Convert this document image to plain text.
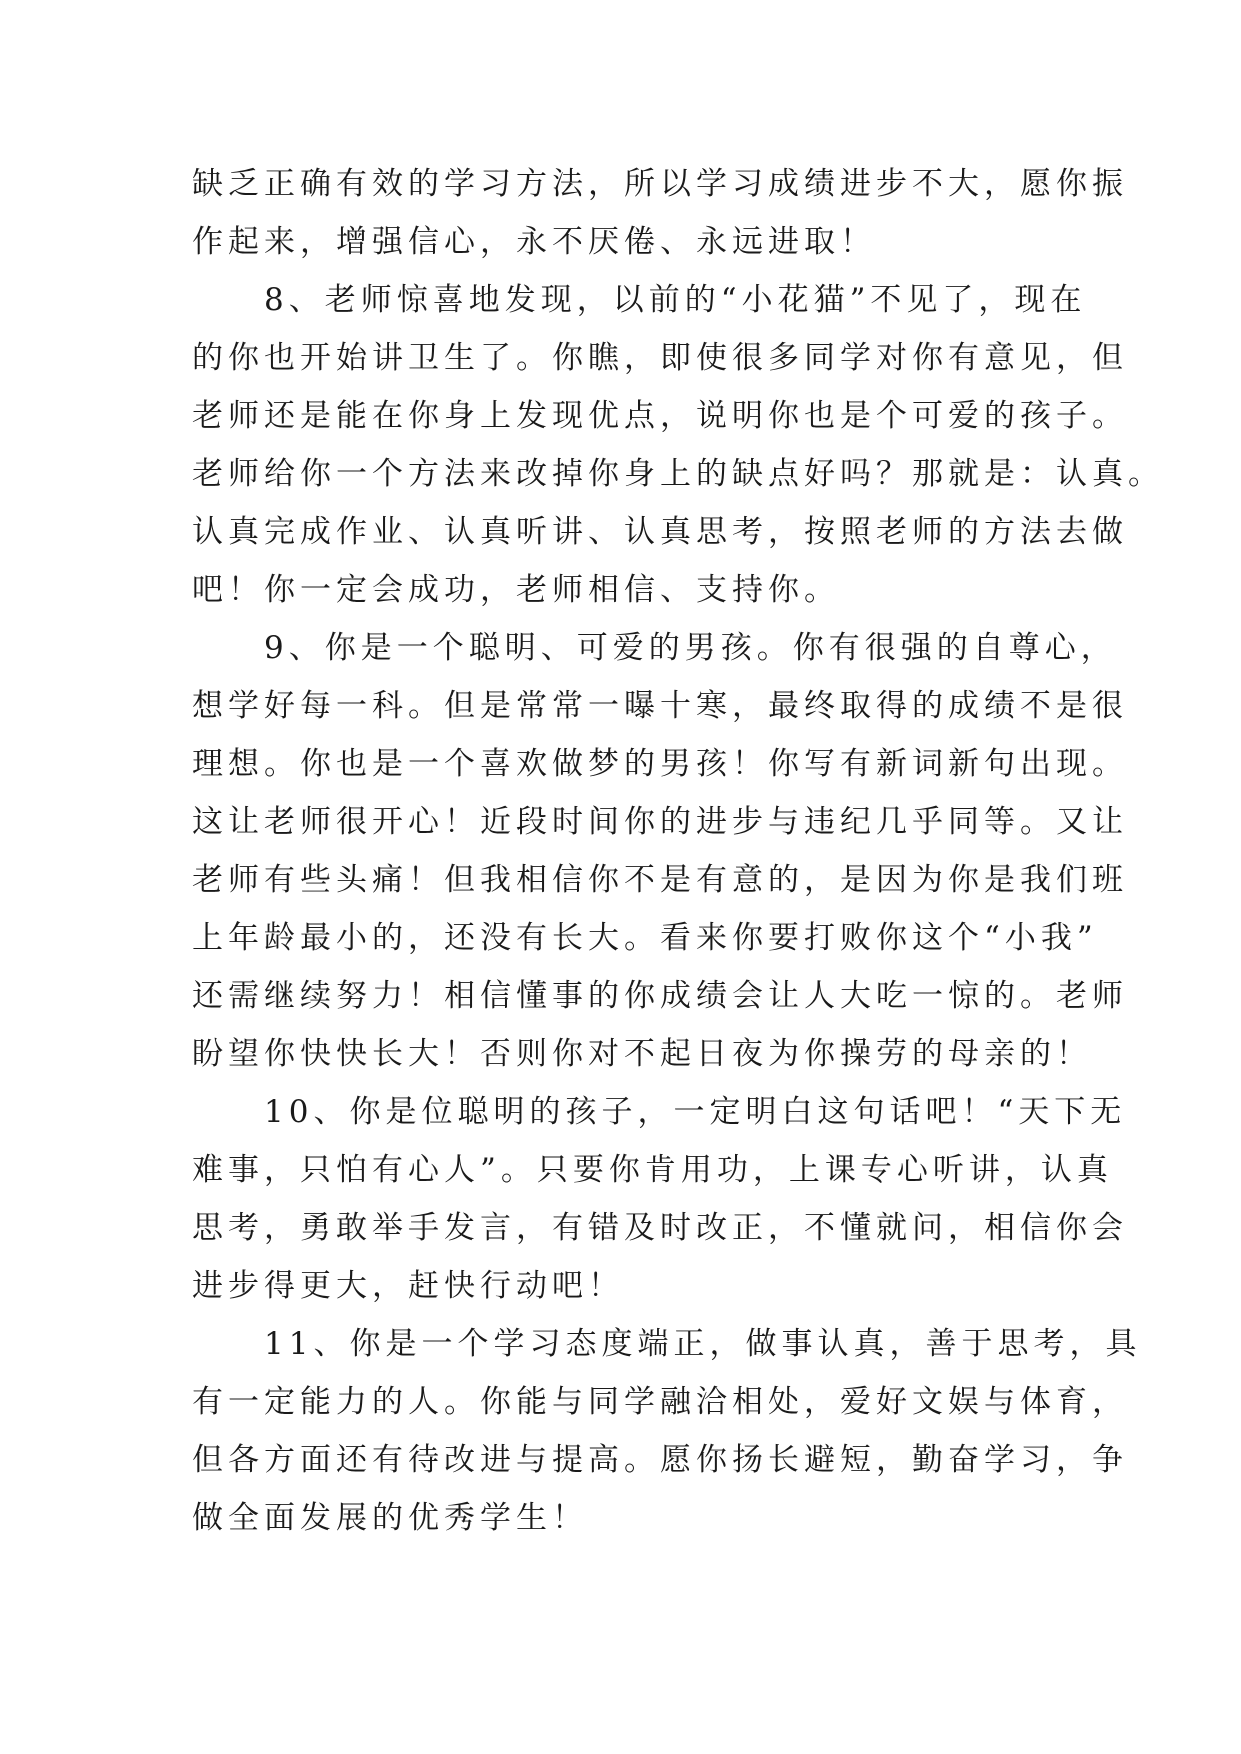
缺乏正确有效的学习方法，所以学习成绩进步不大，愿你振
作起来，增强信心，永不厌倦、永远进取！
　　8、老师惊喜地发现，以前的“小花猫”不见了，现在
的你也开始讲卫生了。你瞧，即使很多同学对你有意见，但
老师还是能在你身上发现优点，说明你也是个可爱的孩子。
老师给你一个方法来改掉你身上的缺点好吗？那就是：认真。
认真完成作业、认真听讲、认真思考，按照老师的方法去做
吧！你一定会成功，老师相信、支持你。
　　9、你是一个聪明、可爱的男孩。你有很强的自尊心，
想学好每一科。但是常常一曝十寒，最终取得的成绩不是很
理想。你也是一个喜欢做梦的男孩！你写有新词新句出现。
这让老师很开心！近段时间你的进步与违纪几乎同等。又让
老师有些头痛！但我相信你不是有意的，是因为你是我们班
上年龄最小的，还没有长大。看来你要打败你这个“小我”
还需继续努力！相信懂事的你成绩会让人大吃一惊的。老师
盼望你快快长大！否则你对不起日夜为你操劳的母亲的！
　　10、你是位聪明的孩子，一定明白这句话吧！“天下无
难事，只怕有心人”。只要你肯用功，上课专心听讲，认真
思考，勇敢举手发言，有错及时改正，不懂就问，相信你会
进步得更大，赶快行动吧！
　　11、你是一个学习态度端正，做事认真，善于思考，具
有一定能力的人。你能与同学融洽相处，爱好文娱与体育，
但各方面还有待改进与提高。愿你扬长避短，勤奋学习，争
做全面发展的优秀学生！
